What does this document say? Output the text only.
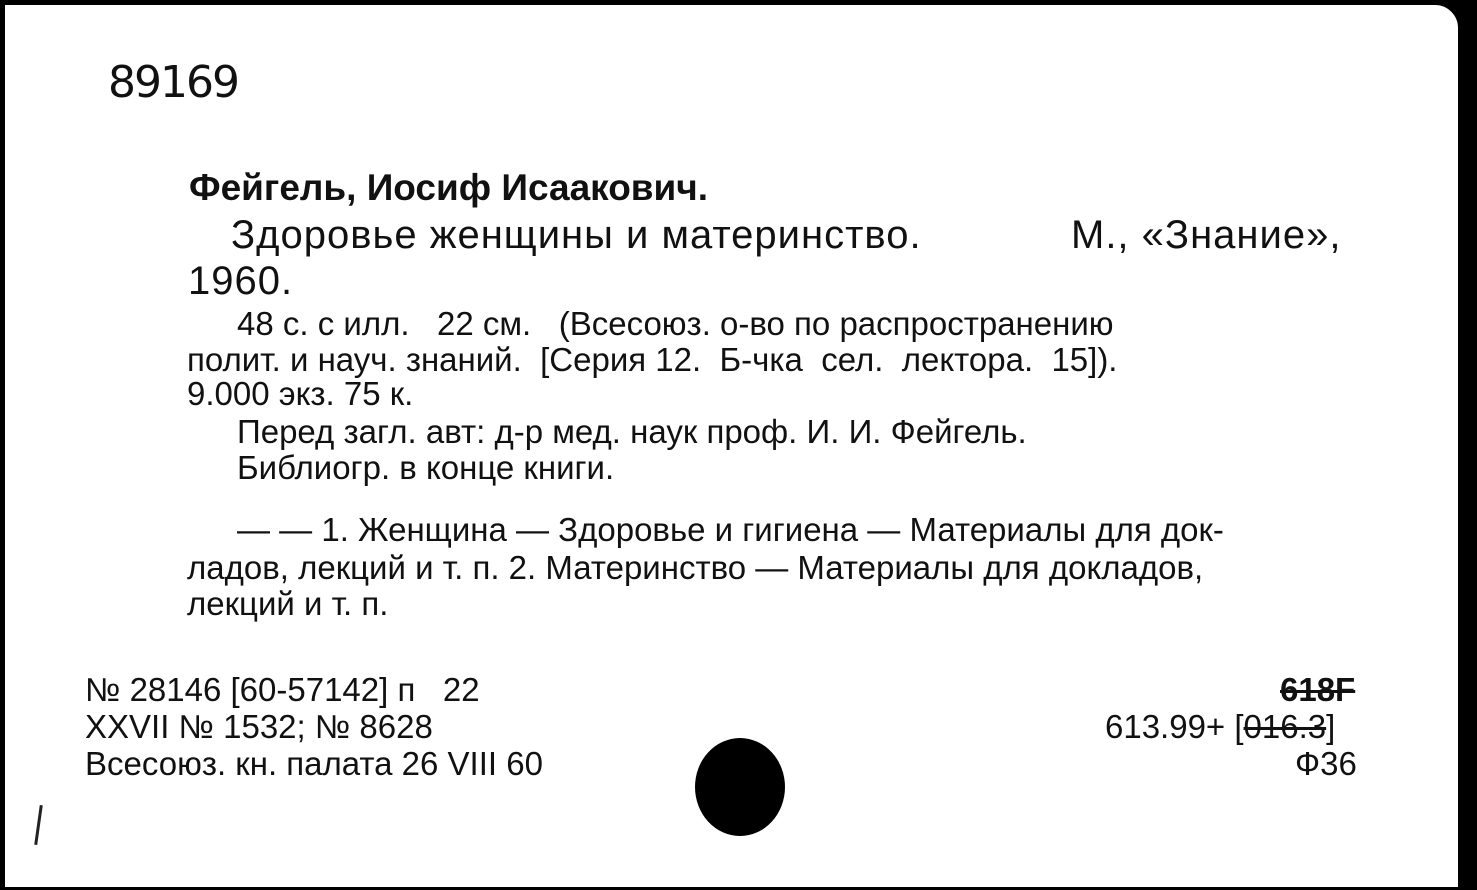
89169
Фейгель, Иосиф Исаакович.
Здоровье женщины и материнство.	М., «Знание»,
1960.
48 с. с илл.   22 см.   (Всесоюз. о-во по распространению
полит. и науч. знаний.  [Серия 12.  Б-чка  сел.  лектора.  15]).
9.000 экз. 75 к.
Перед загл. авт: д-р мед. наук проф. И. И. Фейгель.
Библиогр. в конце книги.
— — 1. Женщина — Здоровье и гигиена — Материалы для док-
ладов, лекций и т. п. 2. Материнство — Материалы для докладов,
лекций и т. п.
№ 28146 [60-57142] п   22
XXVII № 1532; № 8628
Всесоюз. кн. палата 26 VIII 60
618F
613.99+ [016.3]
Ф36
